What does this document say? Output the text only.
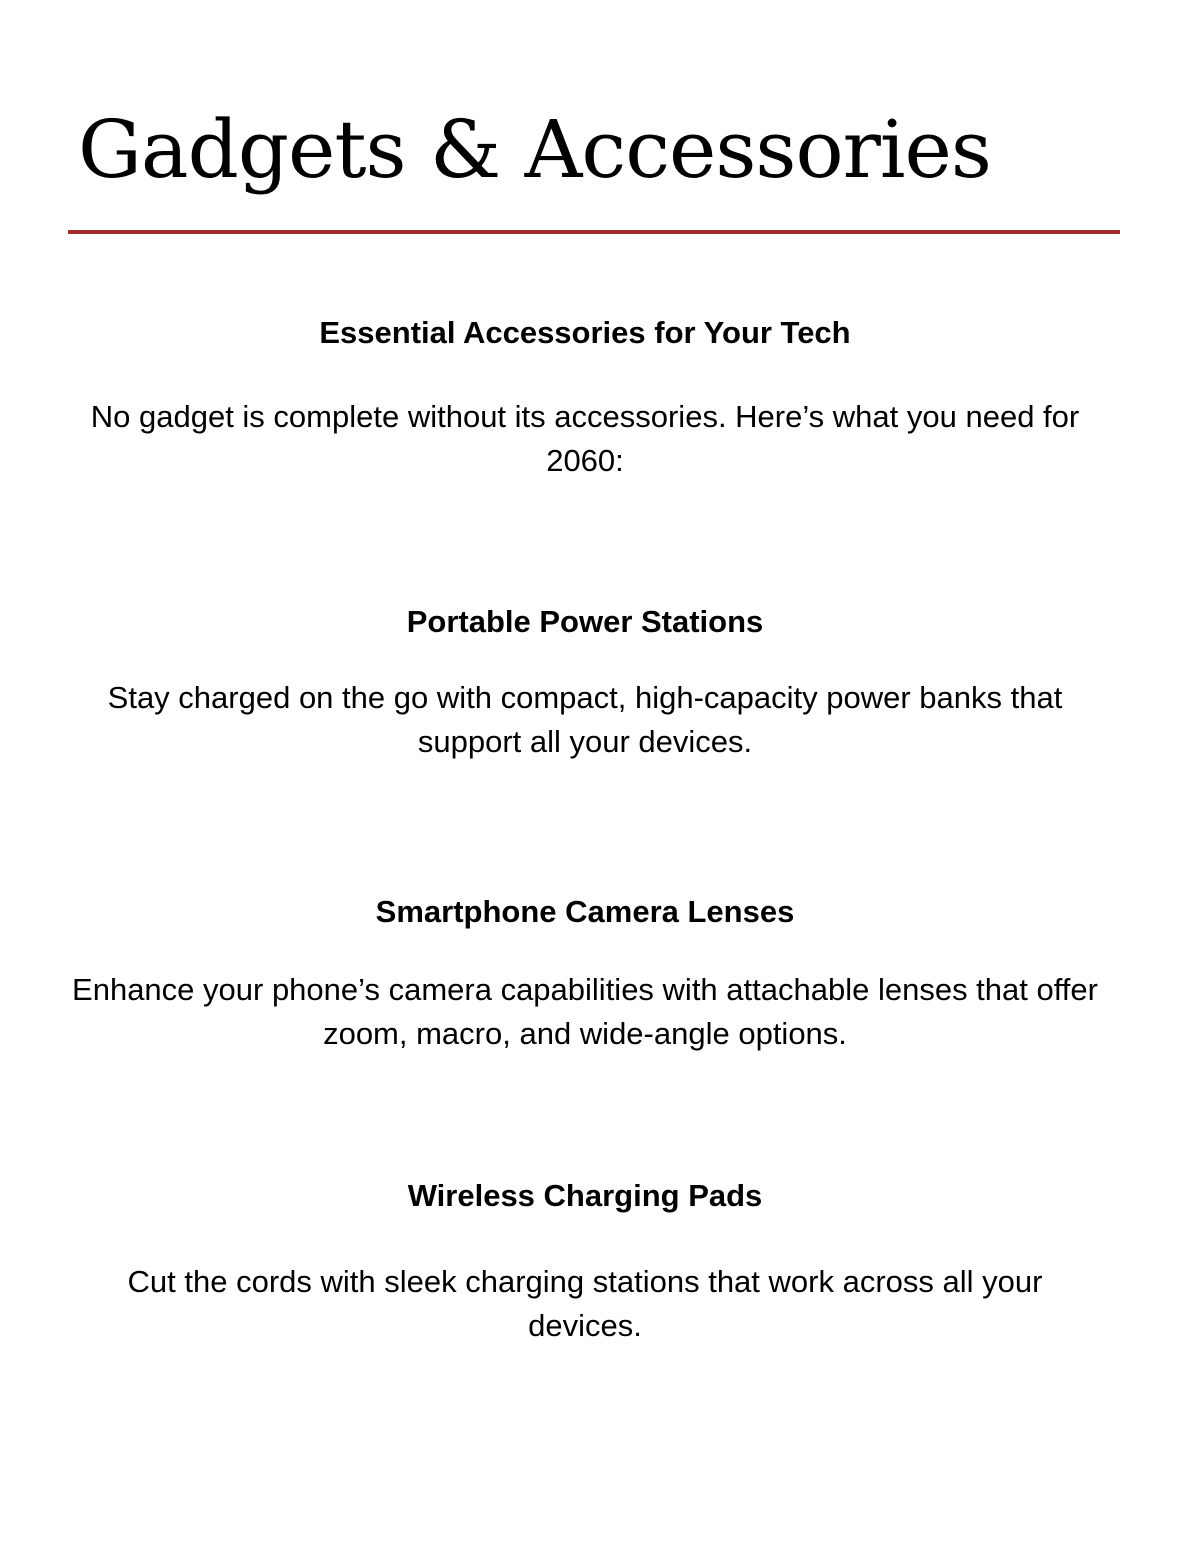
Gadgets & Accessories
Essential Accessories for Your Tech

No gadget is complete without its accessories. Here’s what you need for 2060:

Portable Power Stations

Stay charged on the go with compact, high-capacity power banks that support all your devices.

Smartphone Camera Lenses

Enhance your phone’s camera capabilities with attachable lenses that offer zoom, macro, and wide-angle options.

Wireless Charging Pads

Cut the cords with sleek charging stations that work across all your devices.
